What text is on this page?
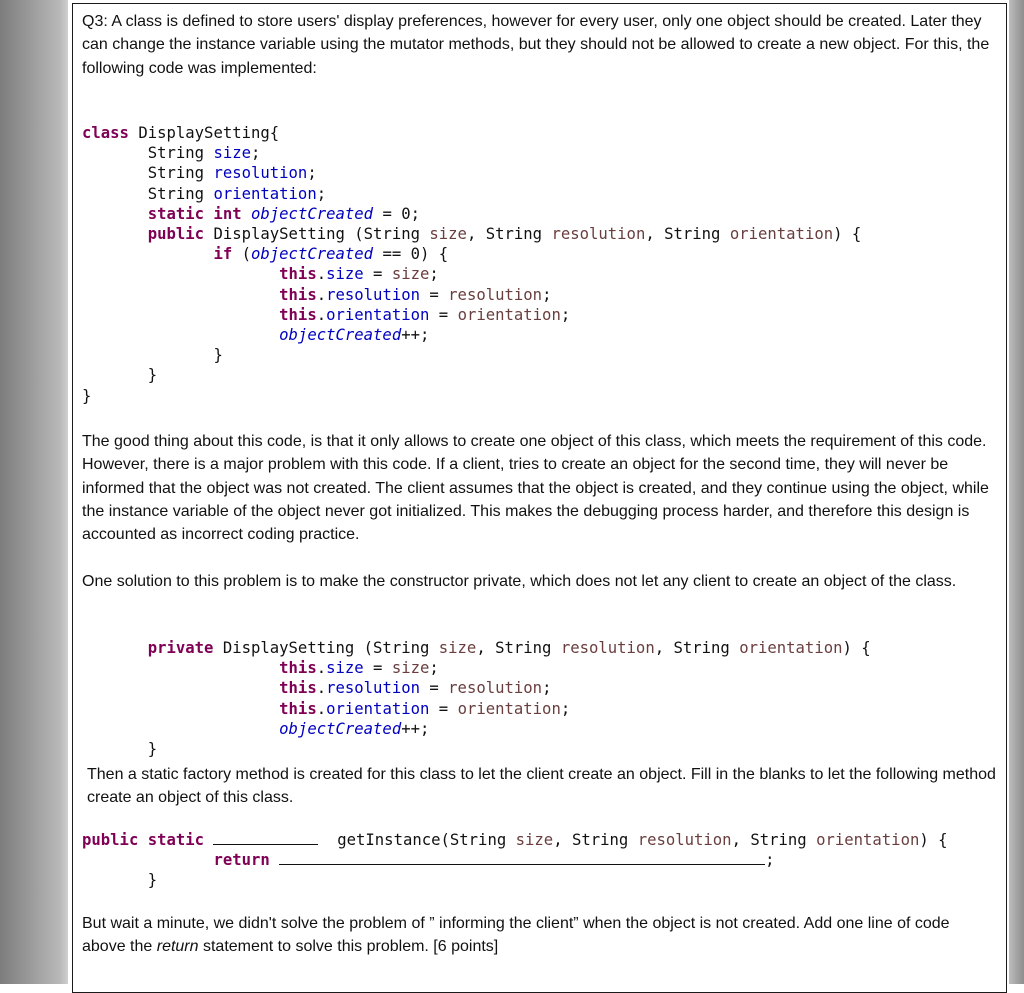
Q3: A class is defined to store users' display preferences, however for every user, only one object should be created. Later they can change the instance variable using the mutator methods, but they should not be allowed to create a new object. For this, the following code was implemented:

class DisplaySetting{
String size;
String resolution;
String orientation;
static int objectCreated = 0;
public DisplaySetting (String size, String resolution, String orientation) {
if (objectCreated == 0) {
this.size = size;
this.resolution = resolution;
this.orientation = orientation;
objectCreated++;
}
}
}

The good thing about this code, is that it only allows to create one object of this class, which meets the requirement of this code. However, there is a major problem with this code. If a client, tries to create an object for the second time, they will never be informed that the object was not created. The client assumes that the object is created, and they continue using the object, while the instance variable of the object never got initialized. This makes the debugging process harder, and therefore this design is accounted as incorrect coding practice.

One solution to this problem is to make the constructor private, which does not let any client to create an object of the class.

private DisplaySetting (String size, String resolution, String orientation) {
this.size = size;
this.resolution = resolution;
this.orientation = orientation;
objectCreated++;
}

Then a static factory method is created for this class to let the client create an object. Fill in the blanks to let the following method create an object of this class.

public static	getInstance(String size, String resolution, String orientation) {
return	;
}

But wait a minute, we didn't solve the problem of ” informing the client” when the object is not created. Add one line of code above the return statement to solve this problem. [6 points]
